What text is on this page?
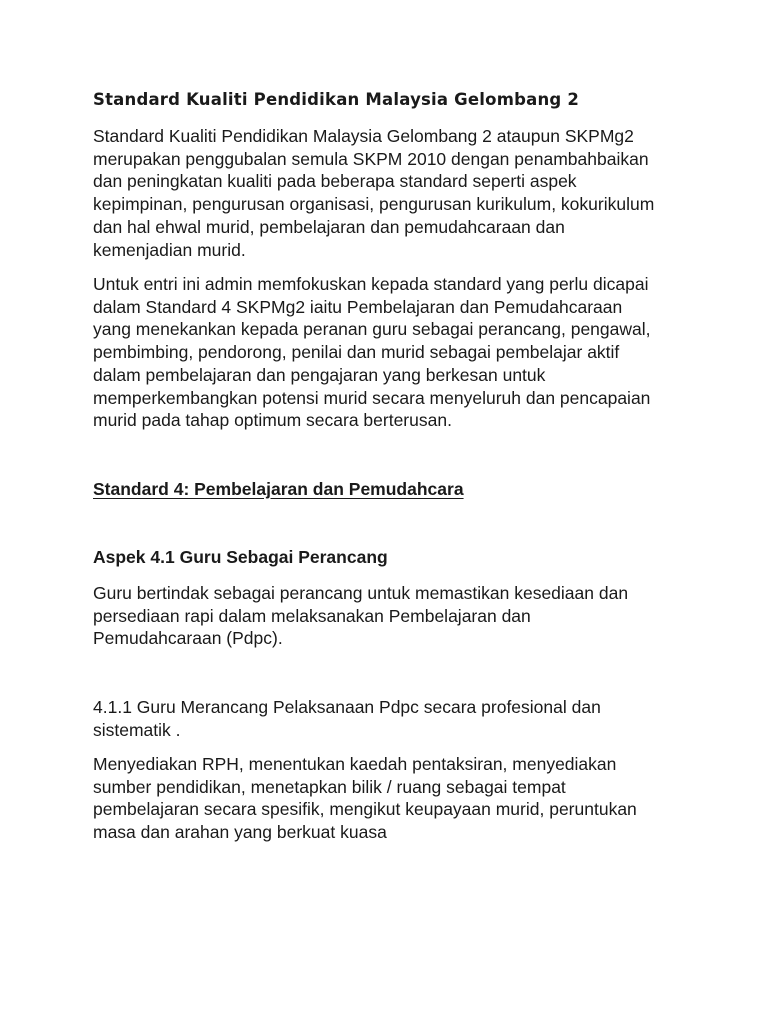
Standard Kualiti Pendidikan Malaysia Gelombang 2

Standard Kualiti Pendidikan Malaysia Gelombang 2 ataupun SKPMg2
merupakan penggubalan semula SKPM 2010 dengan penambahbaikan
dan peningkatan kualiti pada beberapa standard seperti aspek
kepimpinan, pengurusan organisasi, pengurusan kurikulum, kokurikulum
dan hal ehwal murid, pembelajaran dan pemudahcaraan dan
kemenjadian murid.

Untuk entri ini admin memfokuskan kepada standard yang perlu dicapai
dalam Standard 4 SKPMg2 iaitu Pembelajaran dan Pemudahcaraan
yang menekankan kepada peranan guru sebagai perancang, pengawal,
pembimbing, pendorong, penilai dan murid sebagai pembelajar aktif
dalam pembelajaran dan pengajaran yang berkesan untuk
memperkembangkan potensi murid secara menyeluruh dan pencapaian
murid pada tahap optimum secara berterusan.

Standard 4: Pembelajaran dan Pemudahcara
Aspek 4.1 Guru Sebagai Perancang

Guru bertindak sebagai perancang untuk memastikan kesediaan dan
persediaan rapi dalam melaksanakan Pembelajaran dan
Pemudahcaraan (Pdpc).

4.1.1 Guru Merancang Pelaksanaan Pdpc secara profesional dan
sistematik .

Menyediakan RPH, menentukan kaedah pentaksiran, menyediakan
sumber pendidikan, menetapkan bilik / ruang sebagai tempat
pembelajaran secara spesifik, mengikut keupayaan murid, peruntukan
masa dan arahan yang berkuat kuasa
